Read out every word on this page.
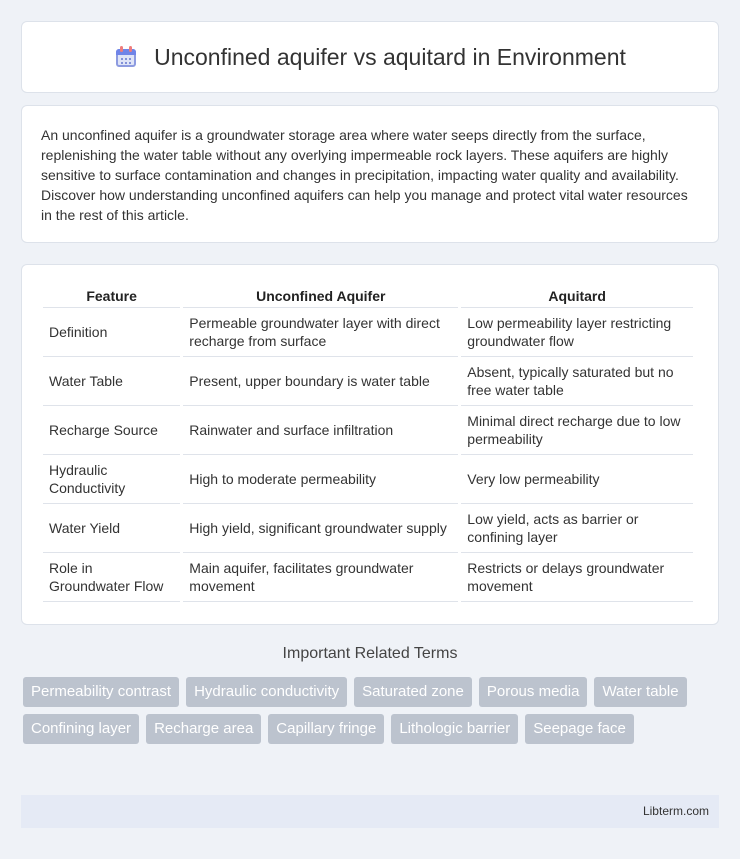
Unconfined aquifer vs aquitard in Environment

An unconfined aquifer is a groundwater storage area where water seeps directly from the surface, replenishing the water table without any overlying impermeable rock layers. These aquifers are highly sensitive to surface contamination and changes in precipitation, impacting water quality and availability. Discover how understanding unconfined aquifers can help you manage and protect vital water resources in the rest of this article.

Feature	Unconfined Aquifer	Aquitard
Definition	Permeable groundwater layer with direct recharge from surface	Low permeability layer restricting groundwater flow
Water Table	Present, upper boundary is water table	Absent, typically saturated but no free water table
Recharge Source	Rainwater and surface infiltration	Minimal direct recharge due to low permeability
Hydraulic Conductivity	High to moderate permeability	Very low permeability
Water Yield	High yield, significant groundwater supply	Low yield, acts as barrier or confining layer
Role in Groundwater Flow	Main aquifer, facilitates groundwater movement	Restricts or delays groundwater movement
Important Related Terms
Permeability contrast	Hydraulic conductivity	Saturated zone	Porous media	Water table
Confining layer	Recharge area	Capillary fringe	Lithologic barrier	Seepage face
Libterm.com
